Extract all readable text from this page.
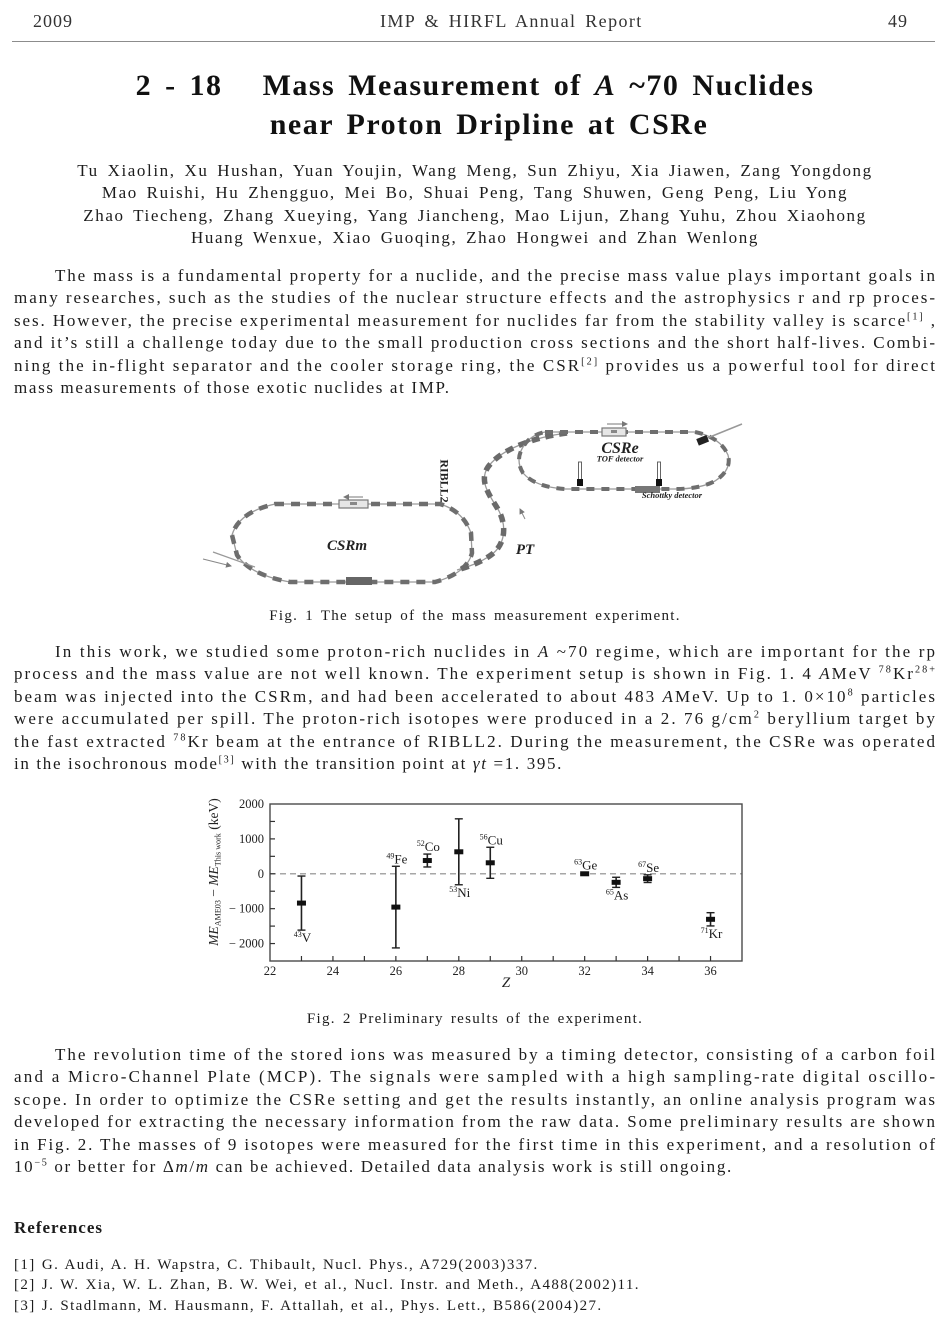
2009	IMP & HIRFL Annual Report	49
2 - 18 Mass Measurement of A ~70 Nuclides
near Proton Dripline at CSRe
Tu Xiaolin, Xu Hushan, Yuan Youjin, Wang Meng, Sun Zhiyu, Xia Jiawen, Zang Yongdong
Mao Ruishi, Hu Zhengguo, Mei Bo, Shuai Peng, Tang Shuwen, Geng Peng, Liu Yong
Zhao Tiecheng, Zhang Xueying, Yang Jiancheng, Mao Lijun, Zhang Yuhu, Zhou Xiaohong
Huang Wenxue, Xiao Guoqing, Zhao Hongwei and Zhan Wenlong
The mass is a fundamental property for a nuclide, and the precise mass value plays important goals in
many researches, such as the studies of the nuclear structure effects and the astrophysics r and rp proces-
ses. However, the precise experimental measurement for nuclides far from the stability valley is scarce[1] ,
and it’s still a challenge today due to the small production cross sections and the short half-lives. Combi-
ning the in-flight separator and the cooler storage ring, the CSR[2] provides us a powerful tool for direct
mass measurements of those exotic nuclides at IMP.
CSRm
CSRe
TOF detector
Schottky detector
RIBLL2
PT
Fig. 1 The setup of the mass measurement experiment.
In this work, we studied some proton-rich nuclides in A ~70 regime, which are important for the rp
process and the mass value are not well known. The experiment setup is shown in Fig. 1. 4 AMeV $^{78}Kr^{28+}$
beam was injected into the CSRm, and had been accelerated to about 483 AMeV. Up to 1. $0\times 10^8$ particles
were accumulated per spill. The proton-rich isotopes were produced in a 2. 76 $g/cm^2$ beryllium target by
the fast extracted $^{78}$Kr beam at the entrance of RIBLL2. During the measurement, the CSRe was operated
in the isochronous mode[3] with the transition point at γt =1. 395.
22	24	26	28	30	32	34	36
2000
1000
0
− 1000
− 2000
Z
$^{43}_V$
$^{49}_{Fe}$
$^{52}_{Co}$
$^{53}_{Ni}$
$^{56}_{Cu}$
$^{63}_{Ge}$
$^{65}_{As}$
$^{67}_{Se}$
$^{71}_{Kr}$
$ME_{AME03} - ME_{This work}$ (keV)
Fig. 2 Preliminary results of the experiment.
The revolution time of the stored ions was measured by a timing detector, consisting of a carbon foil
and a Micro-Channel Plate (MCP). The signals were sampled with a high sampling-rate digital oscillo-
scope. In order to optimize the CSRe setting and get the results instantly, an online analysis program was
developed for extracting the necessary information from the raw data. Some preliminary results are shown
in Fig. 2. The masses of 9 isotopes were measured for the first time in this experiment, and a resolution of
$10^{-5}$ or better for Δm/m can be achieved. Detailed data analysis work is still ongoing.
References
[1] G. Audi, A. H. Wapstra, C. Thibault, Nucl. Phys., A729(2003)337.
[2] J. W. Xia, W. L. Zhan, B. W. Wei, et al., Nucl. Instr. and Meth., A488(2002)11.
[3] J. Stadlmann, M. Hausmann, F. Attallah, et al., Phys. Lett., B586(2004)27.
